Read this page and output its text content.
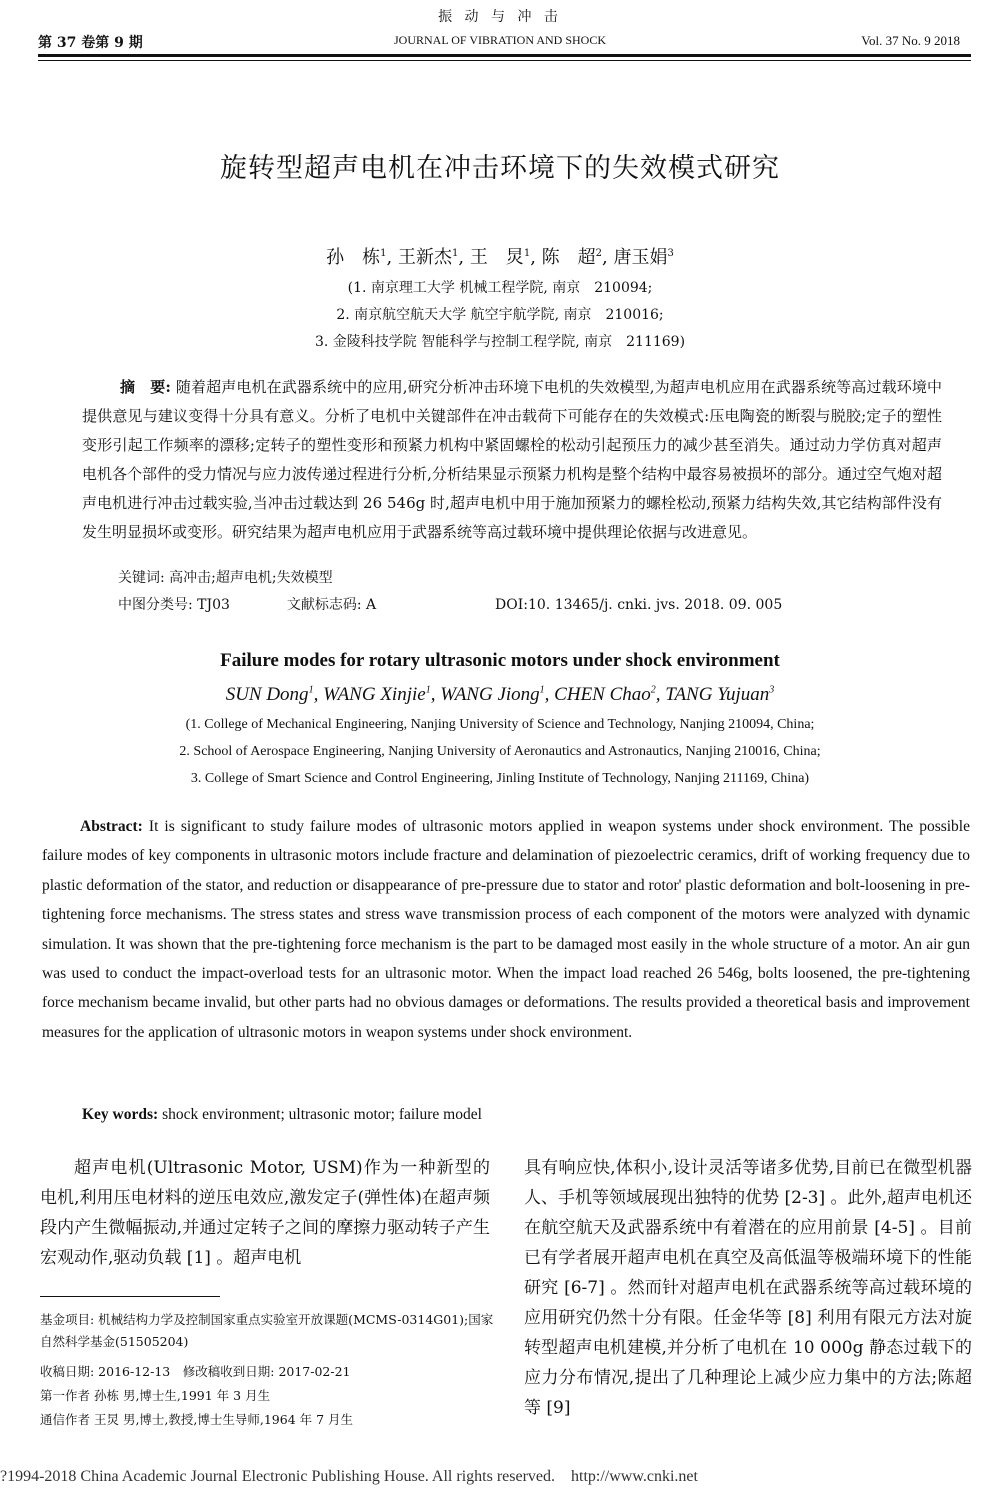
振 动 与 冲 击
第 37 卷第 9 期	JOURNAL OF VIBRATION AND SHOCK	Vol. 37 No. 9 2018
旋转型超声电机在冲击环境下的失效模式研究
孙　栋$^1$, 王新杰$^1$, 王　炅$^1$, 陈　超$^2$, 唐玉娟$^3$
(1. 南京理工大学 机械工程学院, 南京　210094;
2. 南京航空航天大学 航空宇航学院, 南京　210016;
3. 金陵科技学院 智能科学与控制工程学院, 南京　211169)
摘　要: 随着超声电机在武器系统中的应用,研究分析冲击环境下电机的失效模型,为超声电机应用在武器系统等高过载环境中提供意见与建议变得十分具有意义。分析了电机中关键部件在冲击载荷下可能存在的失效模式:压电陶瓷的断裂与脱胶;定子的塑性变形引起工作频率的漂移;定转子的塑性变形和预紧力机构中紧固螺栓的松动引起预压力的减少甚至消失。通过动力学仿真对超声电机各个部件的受力情况与应力波传递过程进行分析,分析结果显示预紧力机构是整个结构中最容易被损坏的部分。通过空气炮对超声电机进行冲击过载实验,当冲击过载达到 26 546g 时,超声电机中用于施加预紧力的螺栓松动,预紧力结构失效,其它结构部件没有发生明显损坏或变形。研究结果为超声电机应用于武器系统等高过载环境中提供理论依据与改进意见。
关键词: 高冲击;超声电机;失效模型
中图分类号: TJ03	文献标志码: A	DOI:10. 13465/j. cnki. jvs. 2018. 09. 005
Failure modes for rotary ultrasonic motors under shock environment
SUN Dong$^1$, WANG Xinjie$^1$, WANG Jiong$^1$, CHEN Chao$^2$, TANG Yujuan$^3$
(1. College of Mechanical Engineering, Nanjing University of Science and Technology, Nanjing 210094, China;
2. School of Aerospace Engineering, Nanjing University of Aeronautics and Astronautics, Nanjing 210016, China;
3. College of Smart Science and Control Engineering, Jinling Institute of Technology, Nanjing 211169, China)
Abstract: It is significant to study failure modes of ultrasonic motors applied in weapon systems under shock environment. The possible failure modes of key components in ultrasonic motors include fracture and delamination of piezoelectric ceramics, drift of working frequency due to plastic deformation of the stator, and reduction or disappearance of pre-pressure due to stator and rotor' plastic deformation and bolt-loosening in pre-tightening force mechanisms. The stress states and stress wave transmission process of each component of the motors were analyzed with dynamic simulation. It was shown that the pre-tightening force mechanism is the part to be damaged most easily in the whole structure of a motor. An air gun was used to conduct the impact-overload tests for an ultrasonic motor. When the impact load reached 26 546g, bolts loosened, the pre-tightening force mechanism became invalid, but other parts had no obvious damages or deformations. The results provided a theoretical basis and improvement measures for the application of ultrasonic motors in weapon systems under shock environment.
Key words: shock environment; ultrasonic motor; failure model
超声电机(Ultrasonic Motor, USM)作为一种新型的电机,利用压电材料的逆压电效应,激发定子(弹性体)在超声频段内产生微幅振动,并通过定转子之间的摩擦力驱动转子产生宏观动作,驱动负载 [1] 。超声电机
具有响应快,体积小,设计灵活等诸多优势,目前已在微型机器人、手机等领域展现出独特的优势 [2-3] 。此外,超声电机还在航空航天及武器系统中有着潜在的应用前景 [4-5] 。目前已有学者展开超声电机在真空及高低温等极端环境下的性能研究 [6-7] 。然而针对超声电机在武器系统等高过载环境的应用研究仍然十分有限。任金华等 [8] 利用有限元方法对旋转型超声电机建模,并分析了电机在 10 000g 静态过载下的应力分布情况,提出了几种理论上减少应力集中的方法;陈超等 [9]
基金项目: 机械结构力学及控制国家重点实验室开放课题(MCMS-0314G01);国家自然科学基金(51505204)
收稿日期: 2016-12-13　修改稿收到日期: 2017-02-21
第一作者 孙栋 男,博士生,1991 年 3 月生
通信作者 王炅 男,博士,教授,博士生导师,1964 年 7 月生
?1994-2018 China Academic Journal Electronic Publishing House. All rights reserved.　http://www.cnki.net
